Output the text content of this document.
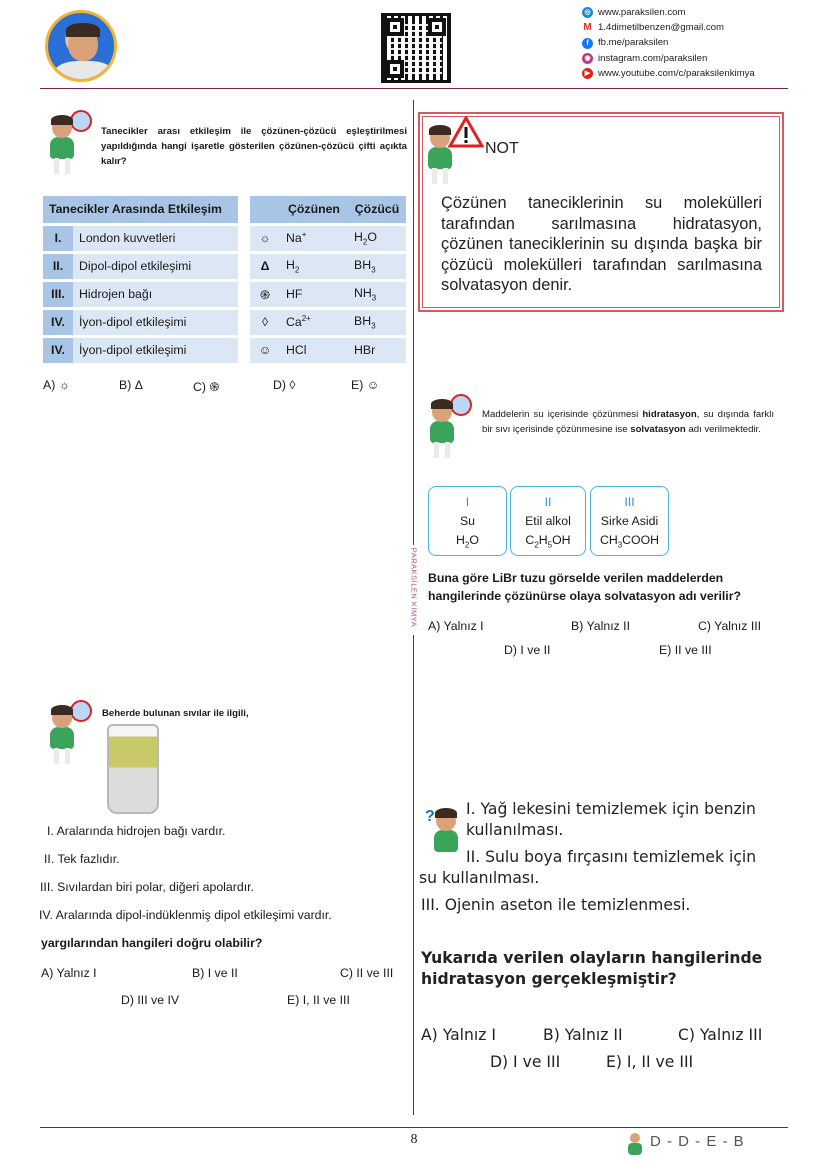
◎ www.paraksilen.com
M 1.4dimetilbenzen@gmail.com
f fb.me/paraksilen
◉ instagram.com/paraksilen
▶ www.youtube.com/c/paraksilenkimya
PARAKSİLEN KİMYA
Tanecikler arası etkileşim ile çözünen-çözücü eşleştirilmesi yapıldığında hangi işaretle gösterilen çözünen-çözücü çifti açıkta kalır?
Tanecikler Arasında Etkileşim				Çözünen	Çözücü
I.	London kuvvetleri		☼	Na+	$H_2O$
II.	Dipol-dipol etkileşimi		Δ	$H_2$	$BH_3$
III.	Hidrojen bağı		֍	HF	$NH_3$
IV.	İyon-dipol etkileşimi		◊	$Ca^{2+}$	$BH_3$
IV.	İyon-dipol etkileşimi		☺	HCl	HBr
A) ☼	B) Δ	C) ֍	D) ◊	E) ☺
NOT
Çözünen taneciklerinin su molekülleri tarafından sarılmasına hidratasyon, çözünen taneciklerinin su dışında başka bir çözücü molekülleri tarafından sarılmasına solvatasyon denir.
Maddelerin su içerisinde çözünmesi hidratasyon, su dışında farklı bir sıvı içerisinde çözünmesine ise solvatasyon adı verilmektedir.
I
Su
$H_2O$
II
Etil alkol
$C_2H_5OH$
III
Sirke Asidi
$CH_3COOH$
Buna göre LiBr tuzu görselde verilen maddelerden hangilerinde çözünürse olaya solvatasyon adı verilir?
A) Yalnız I	B) Yalnız II	C) Yalnız III
D) I ve II	E) II ve III
Beherde bulunan sıvılar ile ilgili,
I. Aralarında hidrojen bağı vardır.
II. Tek fazlıdır.
III. Sıvılardan biri polar, diğeri apolardır.
IV. Aralarında dipol-indüklenmiş dipol etkileşimi vardır.
yargılarından hangileri doğru olabilir?
A) Yalnız I	B) I ve II	C) II ve III
D) III ve IV	E) I, II ve III
? I. Yağ lekesini temizlemek için benzin
kullanılması.
II. Sulu boya fırçasını temizlemek için
su kullanılması.
III. Ojenin aseton ile temizlenmesi.
Yukarıda verilen olayların hangilerinde hidratasyon gerçekleşmiştir?
A) Yalnız I	B) Yalnız II	C) Yalnız III
D) I ve III	E) I, II ve III
8	D - D - E - B
